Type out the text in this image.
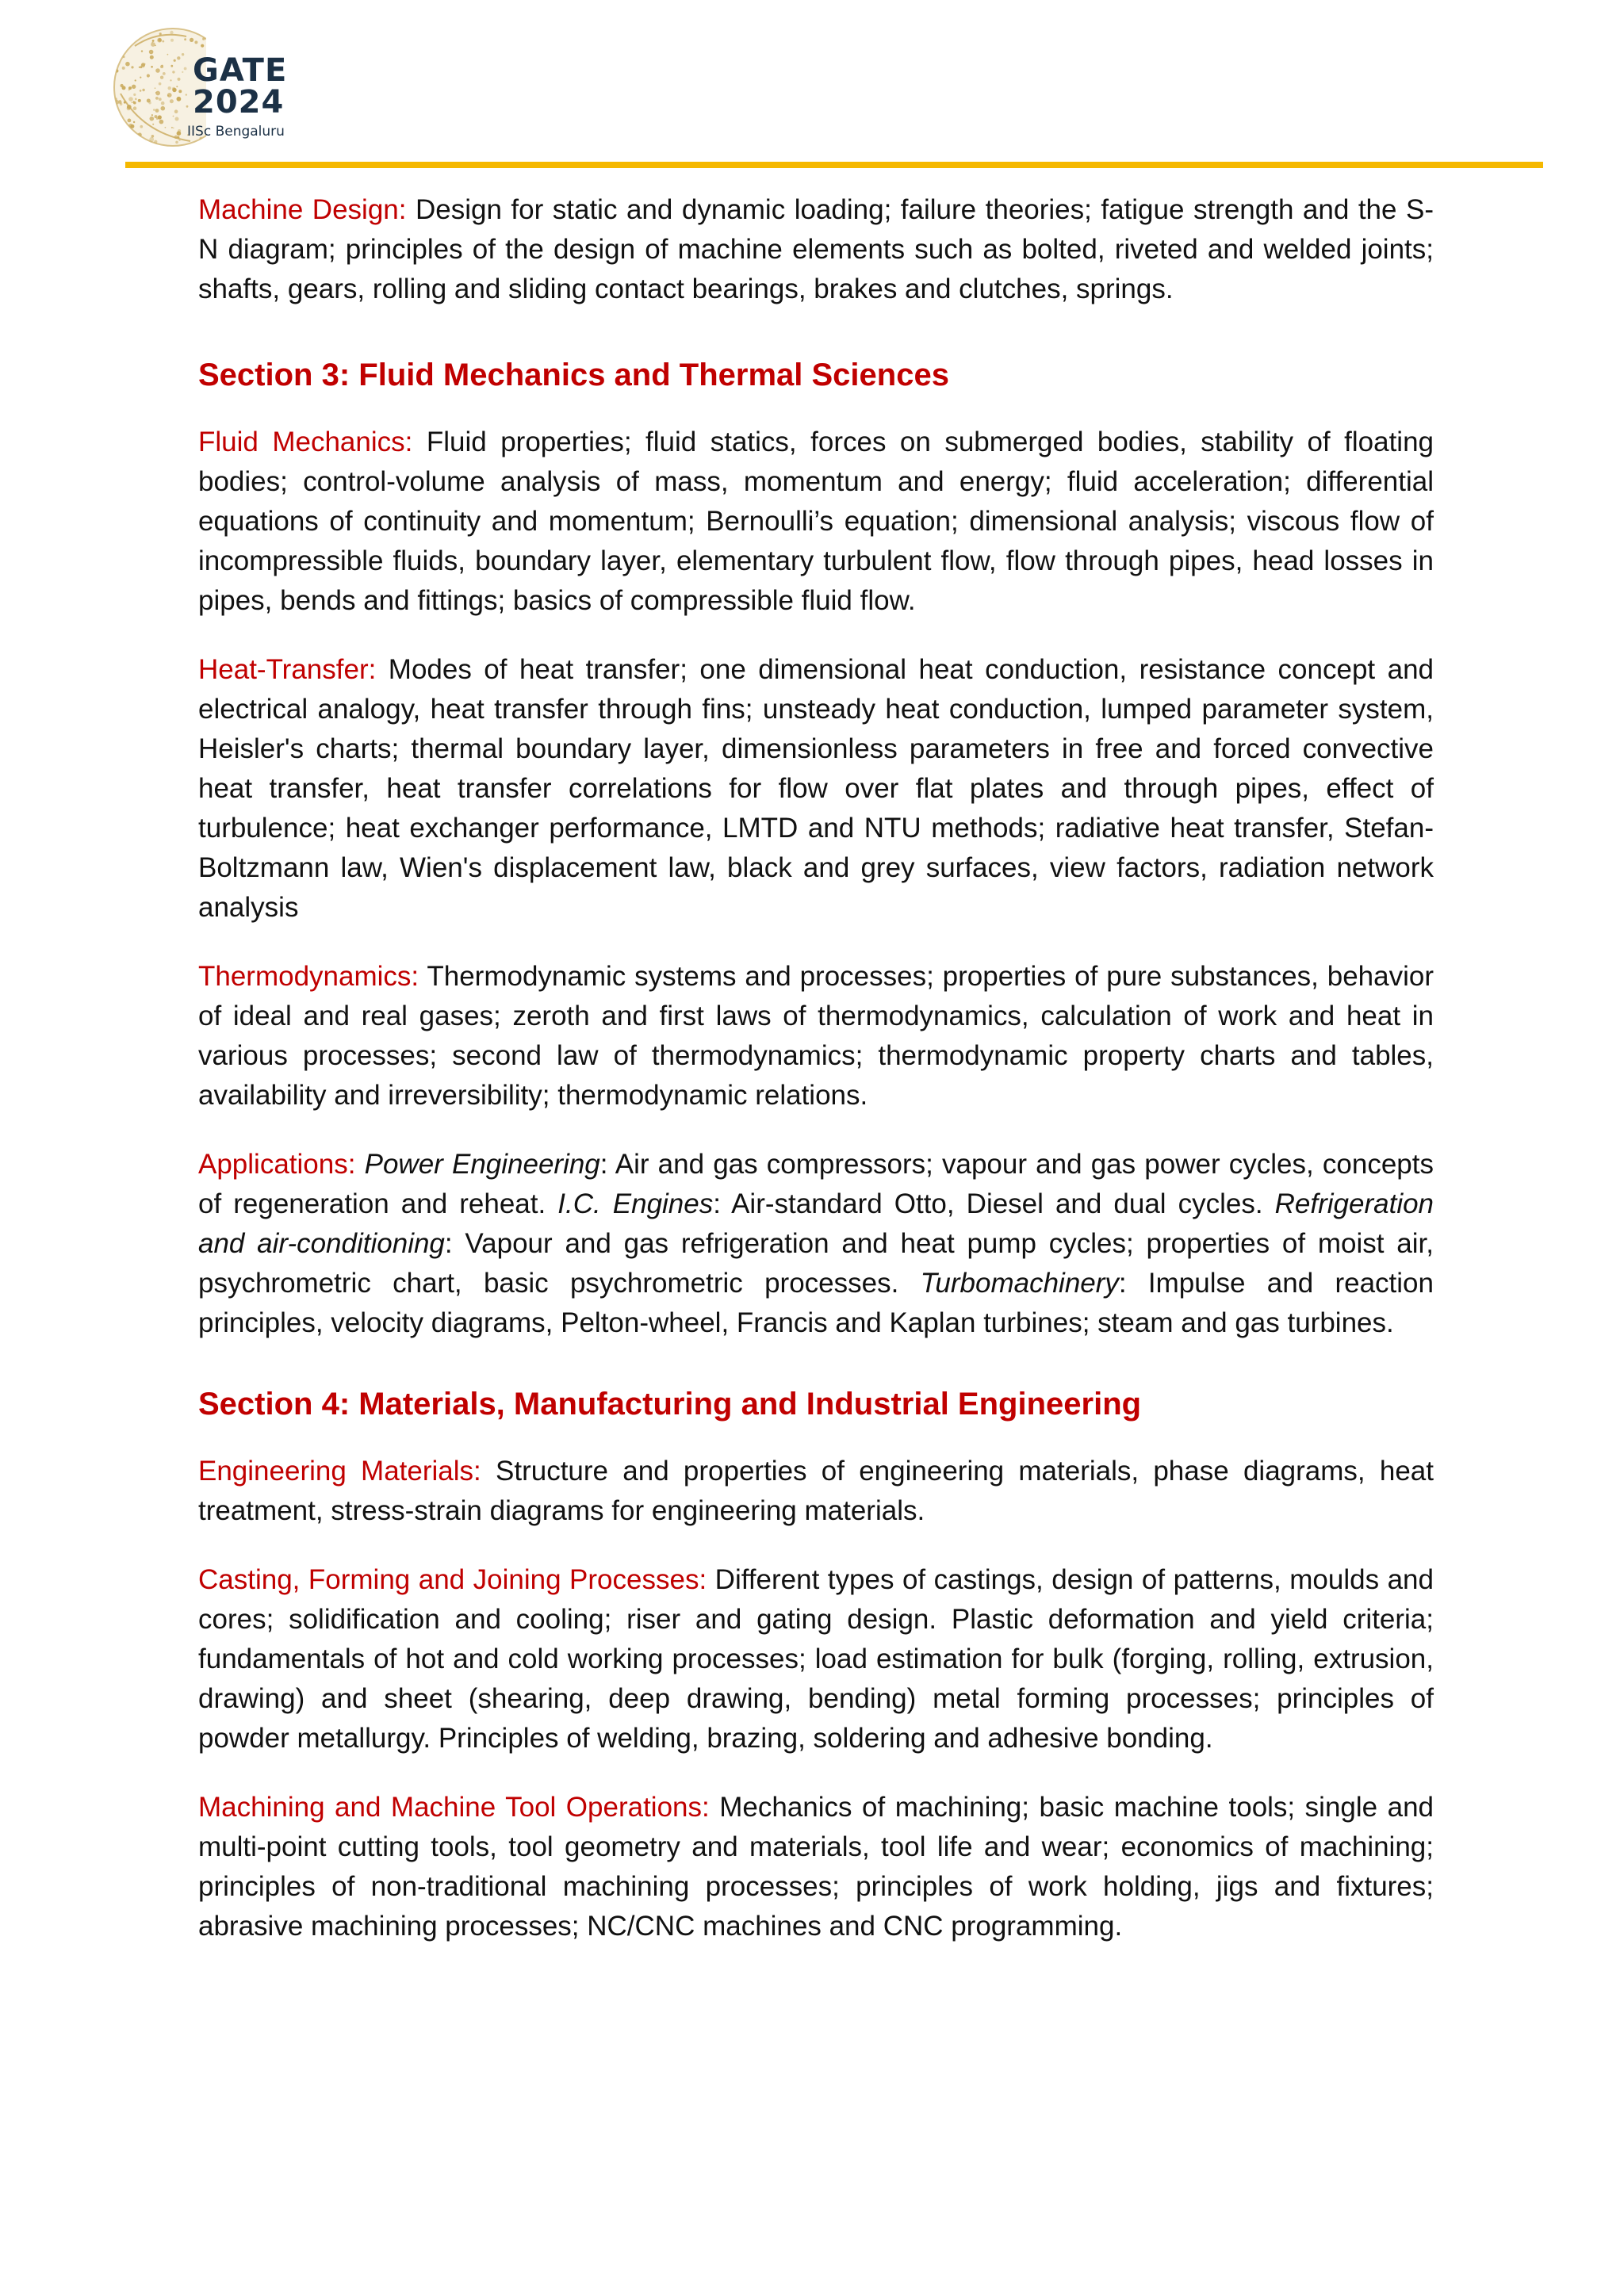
GATE
2024
IISc Bengaluru

Machine Design: Design for static and dynamic loading; failure theories; fatigue strength and the S-N diagram; principles of the design of machine elements such as bolted, riveted and welded joints; shafts, gears, rolling and sliding contact bearings, brakes and clutches, springs.

Section 3: Fluid Mechanics and Thermal Sciences

Fluid Mechanics: Fluid properties; fluid statics, forces on submerged bodies, stability of floating bodies; control-volume analysis of mass, momentum and energy; fluid acceleration; differential equations of continuity and momentum; Bernoulli’s equation; dimensional analysis; viscous flow of incompressible fluids, boundary layer, elementary turbulent flow, flow through pipes, head losses in pipes, bends and fittings; basics of compressible fluid flow.

Heat-Transfer: Modes of heat transfer; one dimensional heat conduction, resistance concept and electrical analogy, heat transfer through fins; unsteady heat conduction, lumped parameter system, Heisler's charts; thermal boundary layer, dimensionless parameters in free and forced convective heat transfer, heat transfer correlations for flow over flat plates and through pipes, effect of turbulence; heat exchanger performance, LMTD and NTU methods; radiative heat transfer, Stefan- Boltzmann law, Wien's displacement law, black and grey surfaces, view factors, radiation network analysis

Thermodynamics: Thermodynamic systems and processes; properties of pure substances, behavior of ideal and real gases; zeroth and first laws of thermodynamics, calculation of work and heat in various processes; second law of thermodynamics; thermodynamic property charts and tables, availability and irreversibility; thermodynamic relations.

Applications: Power Engineering: Air and gas compressors; vapour and gas power cycles, concepts of regeneration and reheat. I.C. Engines: Air-standard Otto, Diesel and dual cycles. Refrigeration and air-conditioning: Vapour and gas refrigeration and heat pump cycles; properties of moist air, psychrometric chart, basic psychrometric processes. Turbomachinery: Impulse and reaction principles, velocity diagrams, Pelton-wheel, Francis and Kaplan turbines; steam and gas turbines.

Section 4: Materials, Manufacturing and Industrial Engineering

Engineering Materials: Structure and properties of engineering materials, phase diagrams, heat treatment, stress-strain diagrams for engineering materials.

Casting, Forming and Joining Processes: Different types of castings, design of patterns, moulds and cores; solidification and cooling; riser and gating design. Plastic deformation and yield criteria; fundamentals of hot and cold working processes; load estimation for bulk (forging, rolling, extrusion, drawing) and sheet (shearing, deep drawing, bending) metal forming processes; principles of powder metallurgy. Principles of welding, brazing, soldering and adhesive bonding.

Machining and Machine Tool Operations: Mechanics of machining; basic machine tools; single and multi-point cutting tools, tool geometry and materials, tool life and wear; economics of machining; principles of non-traditional machining processes; principles of work holding, jigs and fixtures; abrasive machining processes; NC/CNC machines and CNC programming.
